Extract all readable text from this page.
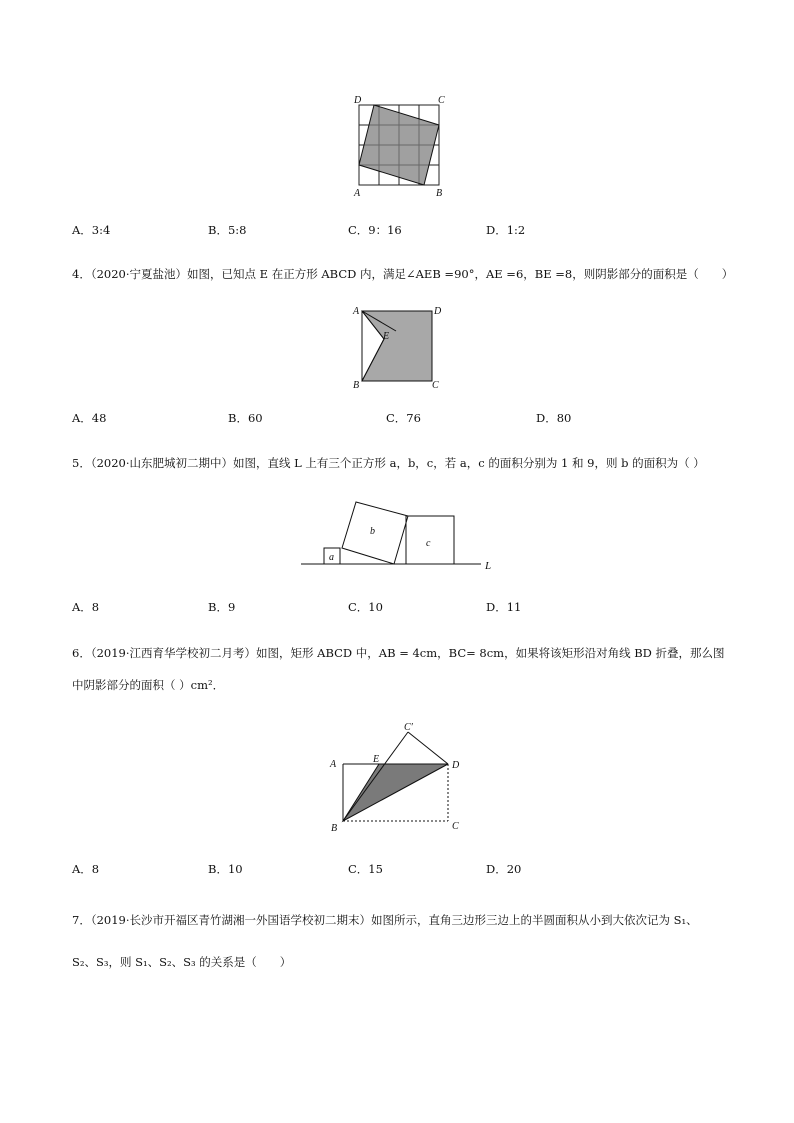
D	C
A	B
A．3:4	B．5:8	C．9：16	D．1:2
4．（2020·宁夏盐池）如图，已知点 E 在正方形 ABCD 内，满足∠AEB =90°，AE =6，BE =8，则阴影部分的面积是（　　）
A	D
E
B	C
A．48	B．60	C．76	D．80
5．（2020·山东肥城初二期中）如图，直线 L 上有三个正方形 a，b，c，若 a，c 的面积分别为 1 和 9，则 b 的面积为（ ）
a
b
c
L
A．8	B．9	C．10	D．11
6．（2019·江西育华学校初二月考）如图，矩形 ABCD 中，AB = 4cm，BC= 8cm，如果将该矩形沿对角线 BD 折叠，那么图
中阴影部分的面积（ ）cm²．
C′
A	E
D
B	C
A．8	B．10	C．15	D．20
7．（2019·长沙市开福区青竹湖湘一外国语学校初二期末）如图所示，直角三边形三边上的半圆面积从小到大依次记为 S₁、
S₂、S₃，则 S₁、S₂、S₃ 的关系是（　　）
